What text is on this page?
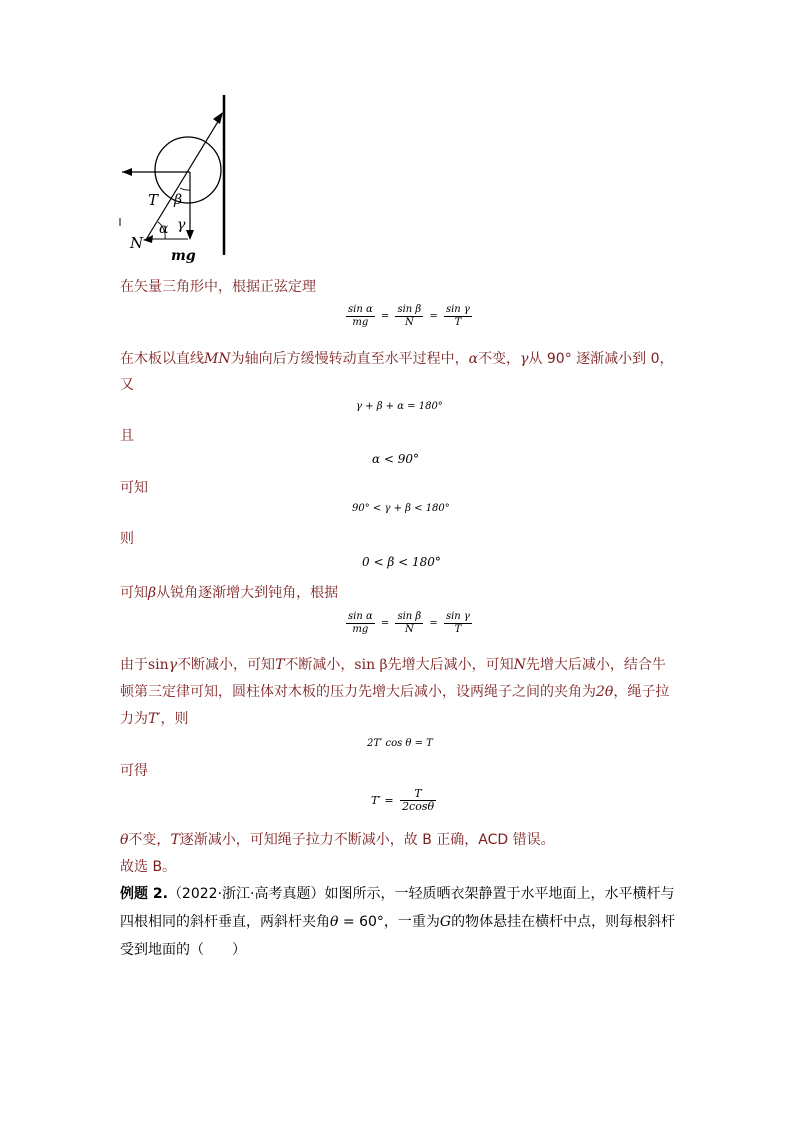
T β
α γ
N
mg
在矢量三角形中，根据正弦定理
$\frac{\text{sin α}}{mg} = \frac{\text{sin β}}{N} = \frac{\text{sin γ}}{T}$
在木板以直线MN为轴向后方缓慢转动直至水平过程中，α不变，γ从 90° 逐渐减小到 0，
又
γ + β + α = 180°
且
α < 90°
可知
90° < γ + β < 180°
则
0 < β < 180°
可知β从锐角逐渐增大到钝角，根据
$\frac{\text{sin α}}{mg} = \frac{\text{sin β}}{N} = \frac{\text{sin γ}}{T}$
由于sinγ不断减小，可知T不断减小，sin β先增大后减小，可知N先增大后减小，结合牛
顿第三定律可知，圆柱体对木板的压力先增大后减小，设两绳子之间的夹角为2θ，绳子拉
力为T′，则
2T′ cos θ = T
可得
$T' = \frac{T}{2\cos\theta}$
θ不变，T逐渐减小，可知绳子拉力不断减小，故 B 正确，ACD 错误。
故选 B。
例题 2.（2022·浙江·高考真题）如图所示，一轻质晒衣架静置于水平地面上，水平横杆与
四根相同的斜杆垂直，两斜杆夹角θ = 60°，一重为G的物体悬挂在横杆中点，则每根斜杆
受到地面的（　　）
